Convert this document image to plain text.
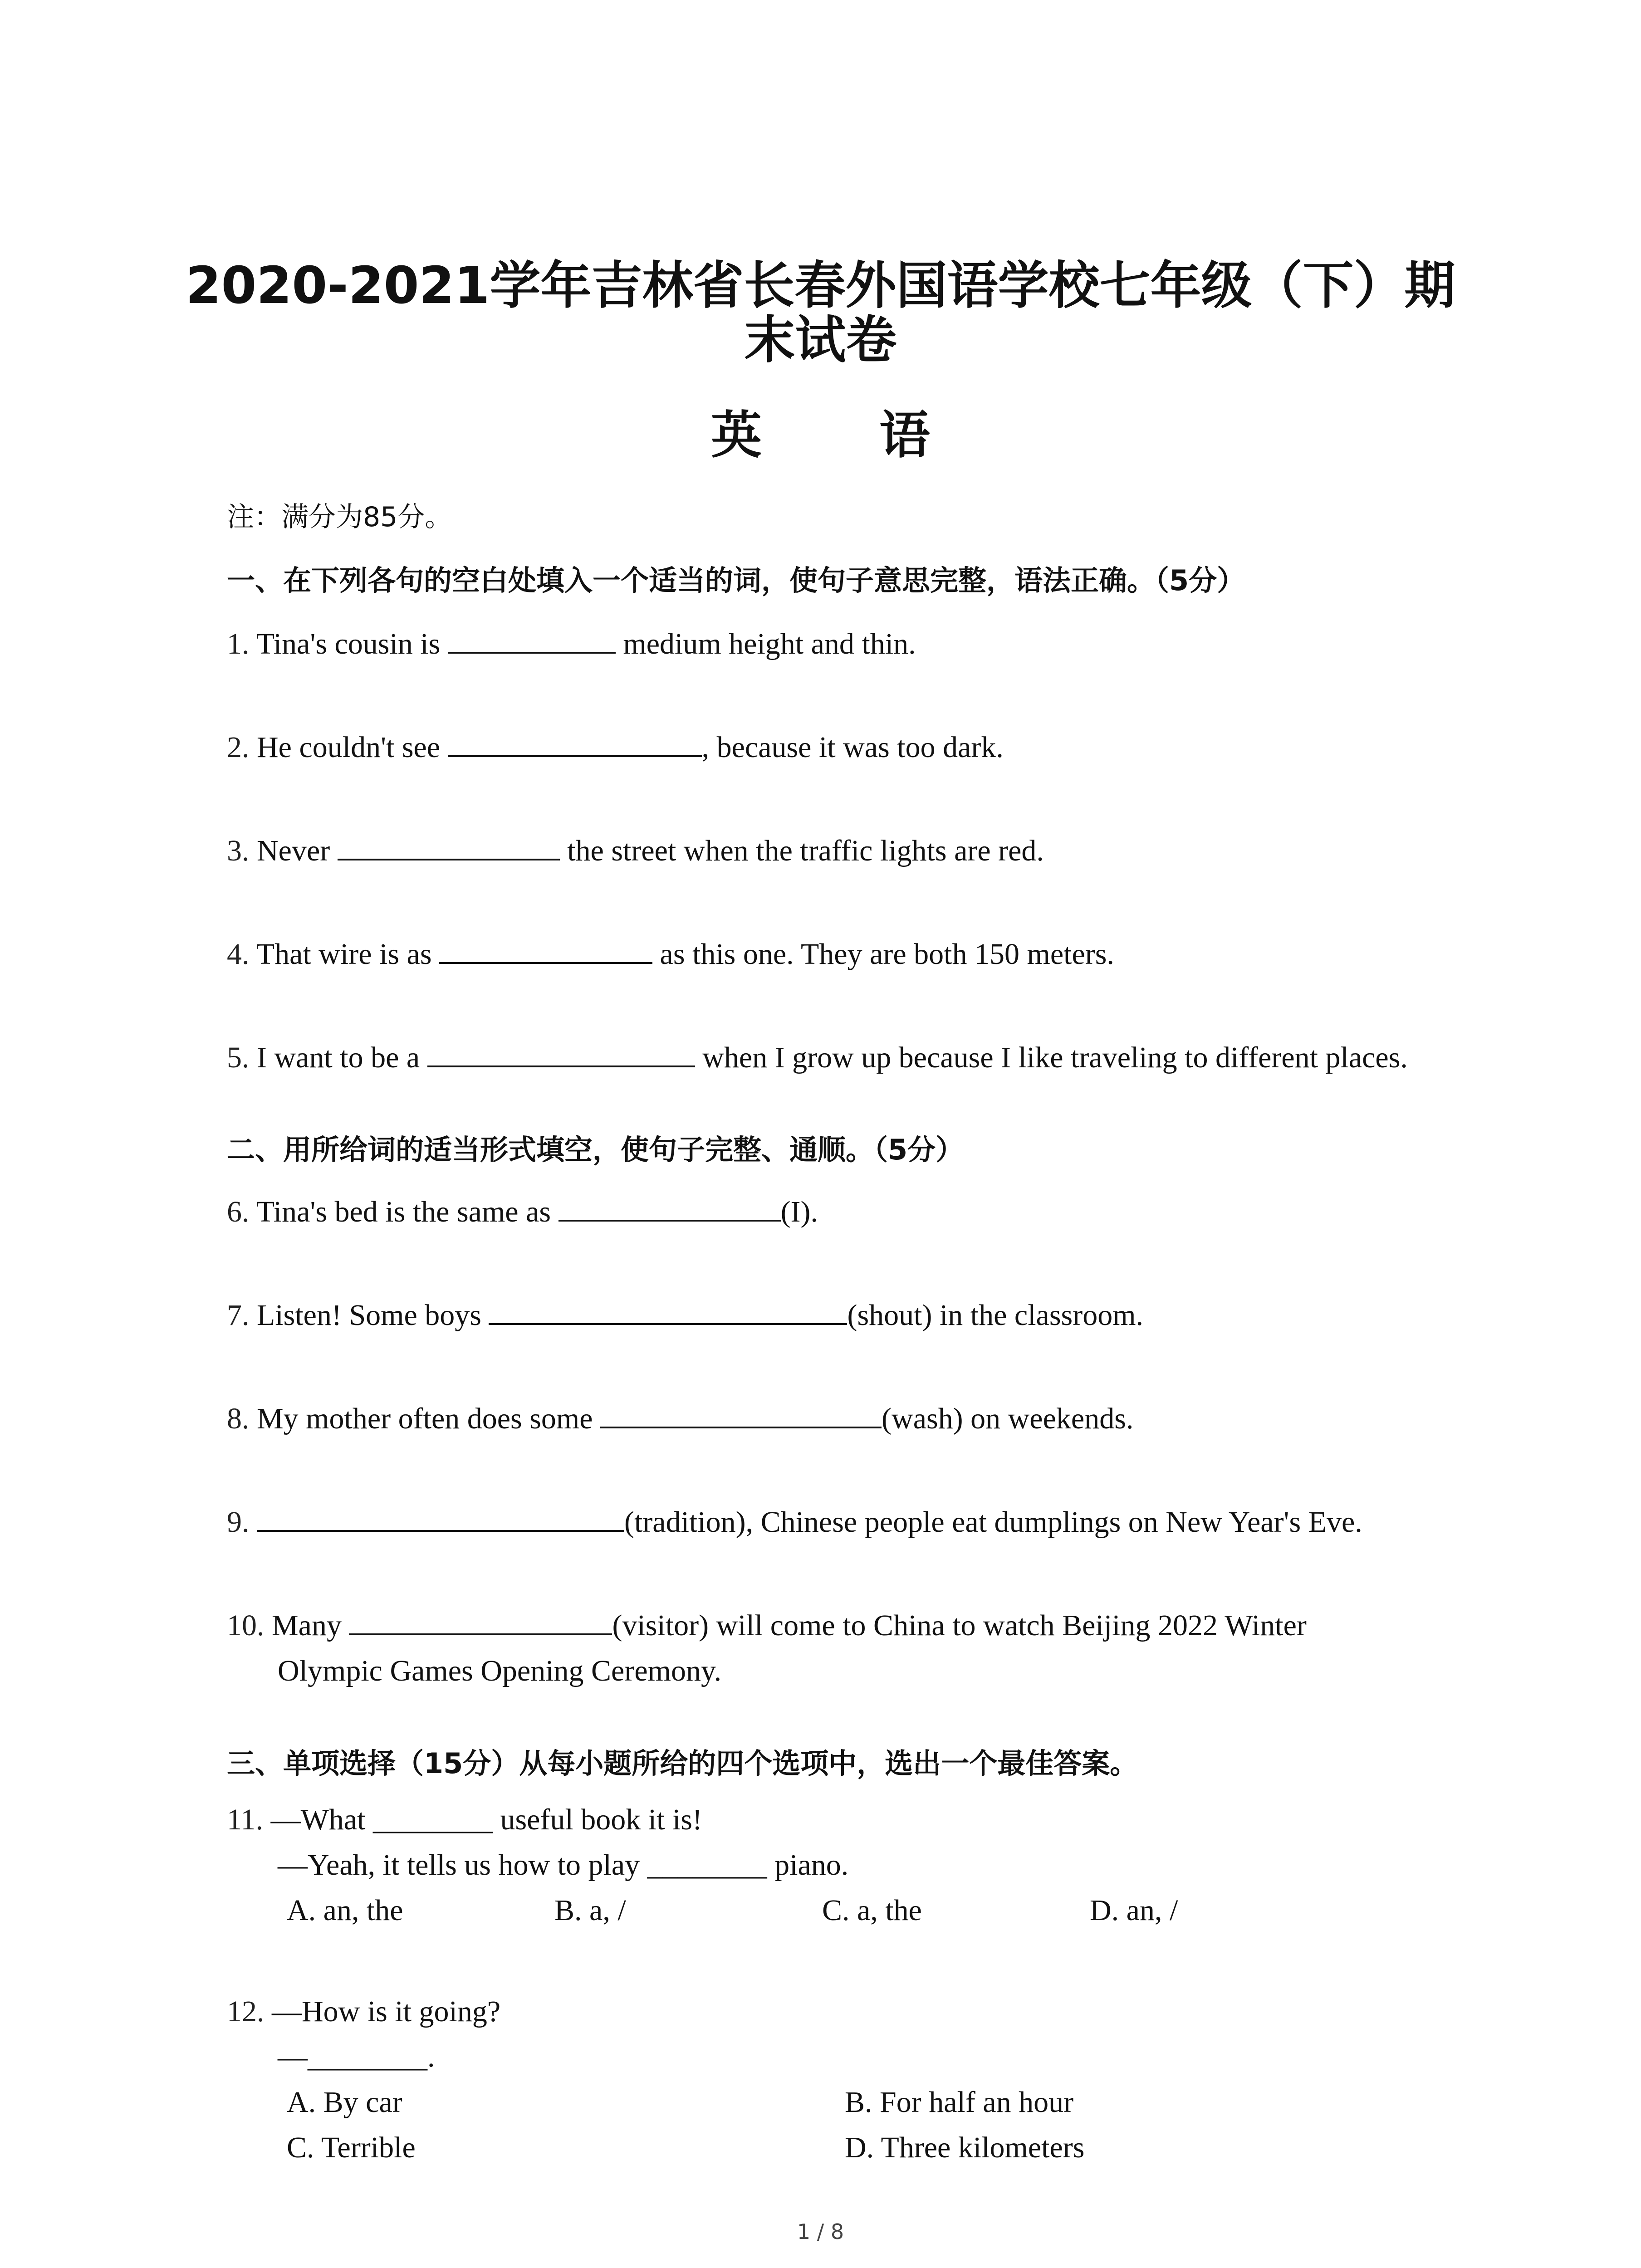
2020-2021学年吉林省长春外国语学校七年级（下）期
末试卷
英 语
注：满分为85分。
一、在下列各句的空白处填入一个适当的词，使句子意思完整，语法正确。（5分）
1. Tina's cousin is	medium height and thin.
2. He couldn't see	, because it was too dark.
3. Never	the street when the traffic lights are red.
4. That wire is as	as this one. They are both 150 meters.
5. I want to be a	when I grow up because I like traveling to different places.
二、用所给词的适当形式填空，使句子完整、通顺。（5分）
6. Tina's bed is the same as	(I).
7. Listen! Some boys	(shout) in the classroom.
8. My mother often does some	(wash) on weekends.
9.	(tradition), Chinese people eat dumplings on New Year's Eve.
10. Many	(visitor) will come to China to watch Beijing 2022 Winter
Olympic Games Opening Ceremony.
三、单项选择（15分）从每小题所给的四个选项中，选出一个最佳答案。
11. —What ________ useful book it is!
—Yeah, it tells us how to play ________ piano.
A. an, the	B. a, /	C. a, the	D. an, /
12. —How is it going?
—________.
A. By car	B. For half an hour
C. Terrible	D. Three kilometers
1 / 8
